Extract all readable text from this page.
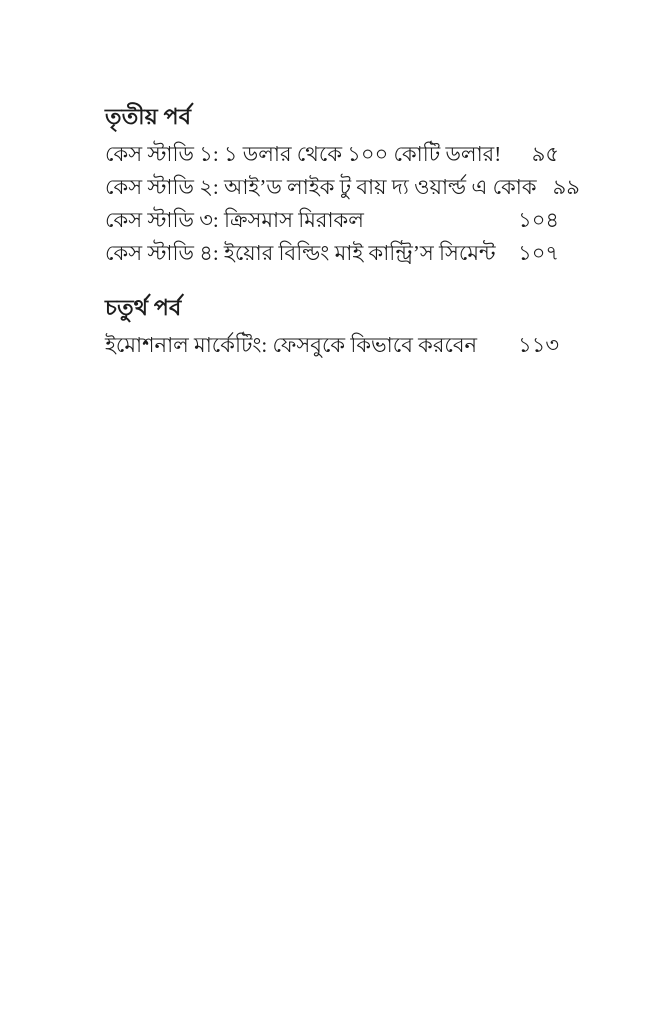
তৃতীয় পর্ব
কেস স্টাডি ১: ১ ডলার থেকে ১০০ কোটি ডলার!	৯৫
কেস স্টাডি ২: আই’ড লাইক টু বায় দ্য ওয়ার্ল্ড এ কোক ৯৯
কেস স্টাডি ৩: ক্রিসমাস মিরাকল	১০৪
কেস স্টাডি ৪: ইয়োর বিল্ডিং মাই কান্ট্রি’স সিমেন্ট	১০৭
চতুর্থ পর্ব
ইমোশনাল মার্কেটিং: ফেসবুকে কিভাবে করবেন	১১৩
